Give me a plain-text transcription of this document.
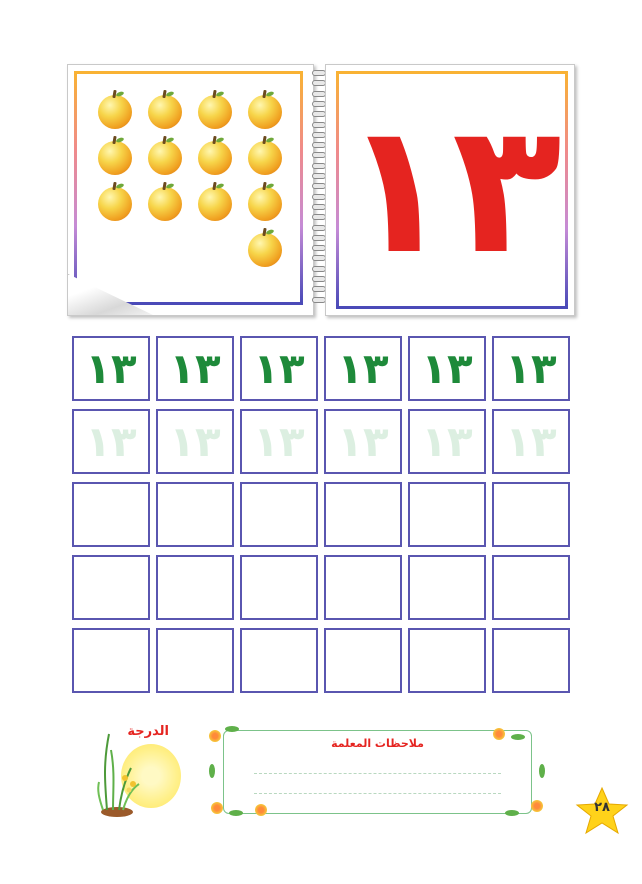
١٣
١٣ ١٣ ١٣ ١٣ ١٣ ١٣
١٣ ١٣ ١٣ ١٣ ١٣ ١٣
الدرجة
ملاحظات المعلمة
٢٨
